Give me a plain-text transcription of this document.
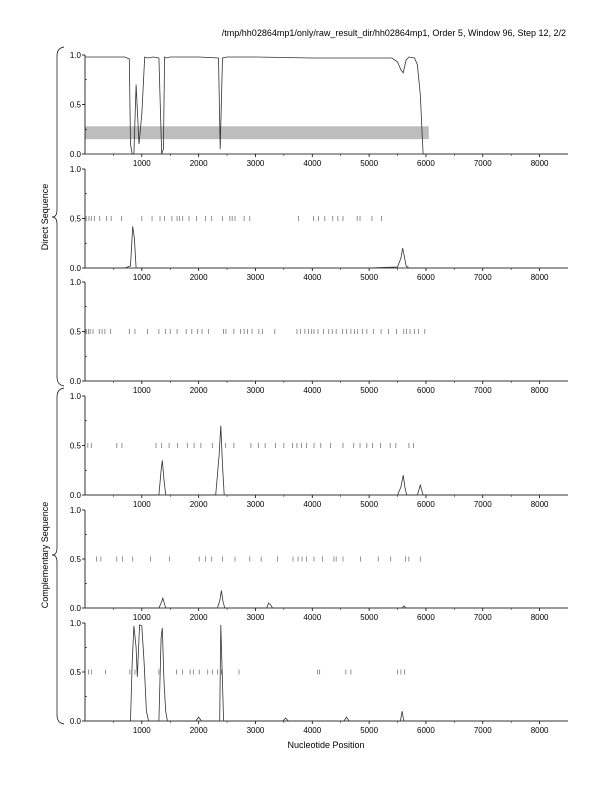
/tmp/hh02864mp1/only/raw_result_dir/hh02864mp1, Order 5, Window 96, Step 12, 2/2
Direct Sequence
Complementary Sequence
0.0
0.5
1.0
1000	2000	3000	4000	5000	6000	7000	8000
0.0
0.5
1.0
1000	2000	3000	4000	5000	6000	7000	8000
0.0
0.5
1.0
1000	2000	3000	4000	5000	6000	7000	8000
0.0
0.5
1.0
1000	2000	3000	4000	5000	6000	7000	8000
0.0
0.5
1.0
1000	2000	3000	4000	5000	6000	7000	8000
0.0
0.5
1.0
1000	2000	3000	4000	5000	6000	7000	8000
Nucleotide Position
